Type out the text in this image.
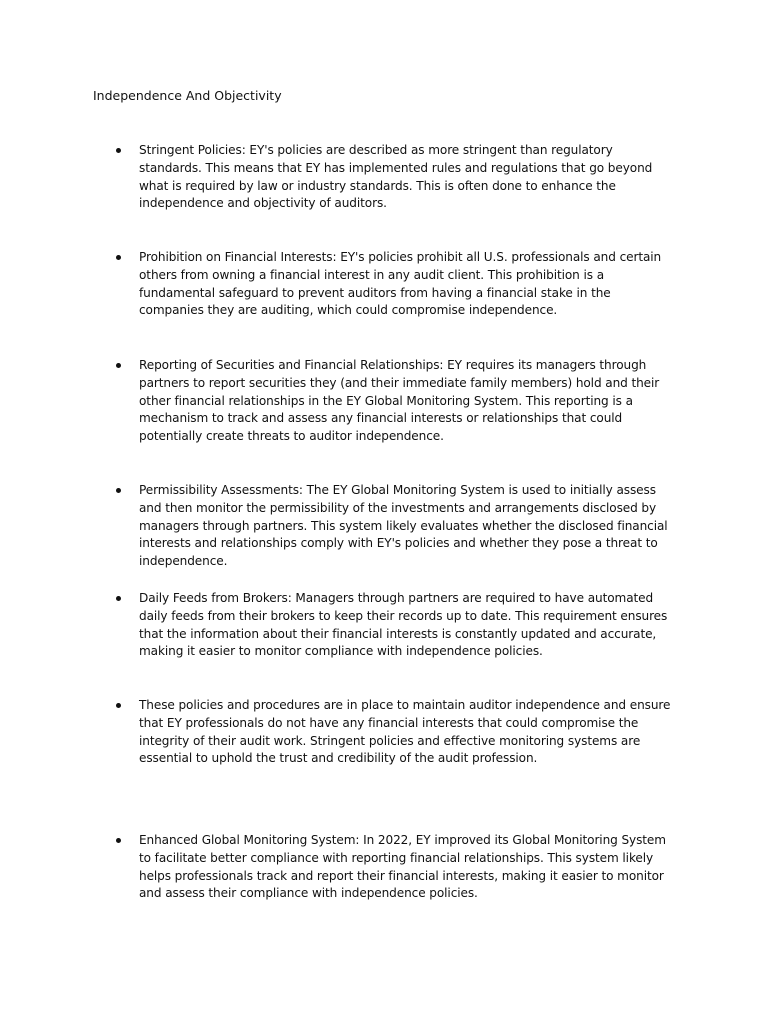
Independence And Objectivity
Stringent Policies: EY's policies are described as more stringent than regulatory standards. This means that EY has implemented rules and regulations that go beyond what is required by law or industry standards. This is often done to enhance the independence and objectivity of auditors.
Prohibition on Financial Interests: EY's policies prohibit all U.S. professionals and certain others from owning a financial interest in any audit client. This prohibition is a fundamental safeguard to prevent auditors from having a financial stake in the companies they are auditing, which could compromise independence.
Reporting of Securities and Financial Relationships: EY requires its managers through partners to report securities they (and their immediate family members) hold and their other financial relationships in the EY Global Monitoring System. This reporting is a mechanism to track and assess any financial interests or relationships that could potentially create threats to auditor independence.
Permissibility Assessments: The EY Global Monitoring System is used to initially assess and then monitor the permissibility of the investments and arrangements disclosed by managers through partners. This system likely evaluates whether the disclosed financial interests and relationships comply with EY's policies and whether they pose a threat to independence.
Daily Feeds from Brokers: Managers through partners are required to have automated daily feeds from their brokers to keep their records up to date. This requirement ensures that the information about their financial interests is constantly updated and accurate, making it easier to monitor compliance with independence policies.
These policies and procedures are in place to maintain auditor independence and ensure that EY professionals do not have any financial interests that could compromise the integrity of their audit work. Stringent policies and effective monitoring systems are essential to uphold the trust and credibility of the audit profession.
Enhanced Global Monitoring System: In 2022, EY improved its Global Monitoring System to facilitate better compliance with reporting financial relationships. This system likely helps professionals track and report their financial interests, making it easier to monitor and assess their compliance with independence policies.
